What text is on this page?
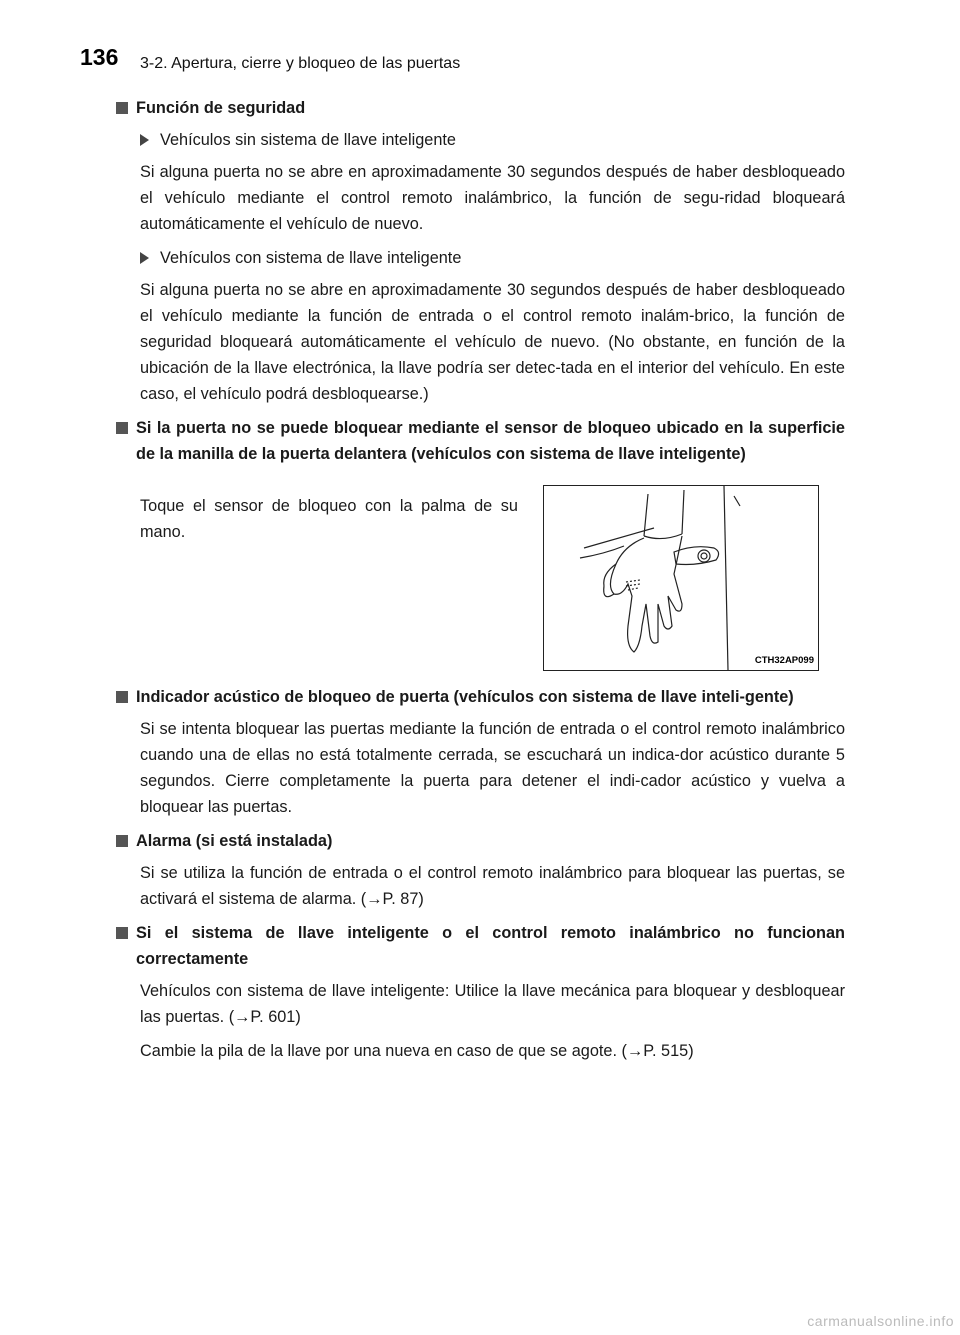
136 3-2. Apertura, cierre y bloqueo de las puertas
Función de seguridad
Vehículos sin sistema de llave inteligente

Si alguna puerta no se abre en aproximadamente 30 segundos después de haber desbloqueado el vehículo mediante el control remoto inalámbrico, la función de segu-ridad bloqueará automáticamente el vehículo de nuevo.

Vehículos con sistema de llave inteligente

Si alguna puerta no se abre en aproximadamente 30 segundos después de haber desbloqueado el vehículo mediante la función de entrada o el control remoto inalám-brico, la función de seguridad bloqueará automáticamente el vehículo de nuevo. (No obstante, en función de la ubicación de la llave electrónica, la llave podría ser detec-tada en el interior del vehículo. En este caso, el vehículo podrá desbloquearse.)

Si la puerta no se puede bloquear mediante el sensor de bloqueo ubicado en la superficie de la manilla de la puerta delantera (vehículos con sistema de llave inteligente)

Toque el sensor de bloqueo con la palma de su mano.

CTH32AP099
Indicador acústico de bloqueo de puerta (vehículos con sistema de llave inteli-gente)

Si se intenta bloquear las puertas mediante la función de entrada o el control remoto inalámbrico cuando una de ellas no está totalmente cerrada, se escuchará un indica-dor acústico durante 5 segundos. Cierre completamente la puerta para detener el indi-cador acústico y vuelva a bloquear las puertas.

Alarma (si está instalada)

Si se utiliza la función de entrada o el control remoto inalámbrico para bloquear las puertas, se activará el sistema de alarma. (→P. 87)

Si el sistema de llave inteligente o el control remoto inalámbrico no funcionan correctamente

Vehículos con sistema de llave inteligente: Utilice la llave mecánica para bloquear y desbloquear las puertas. (→P. 601)

Cambie la pila de la llave por una nueva en caso de que se agote. (→P. 515)

carmanualsonline.info
